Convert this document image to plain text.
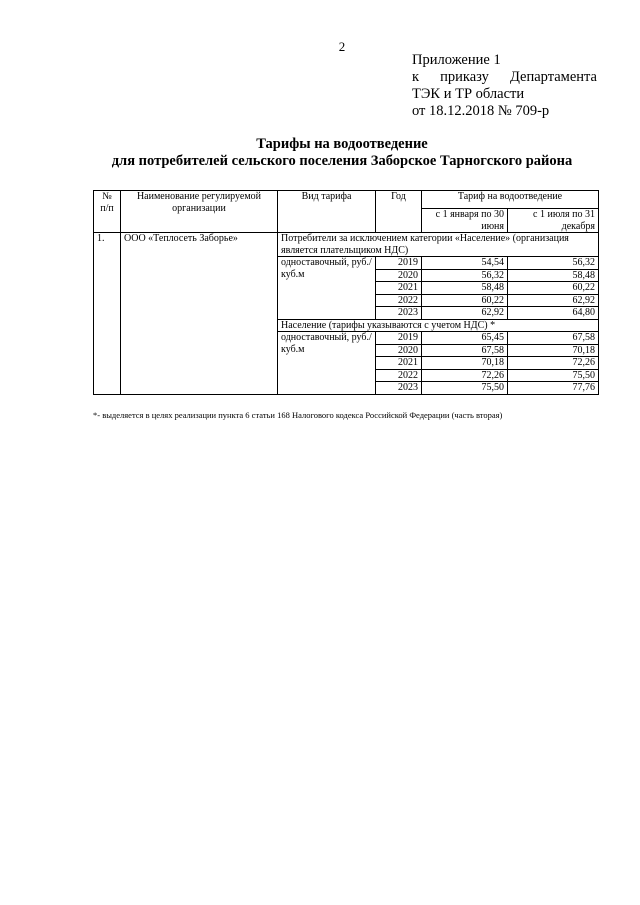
2
Приложение 1
к приказу Департамента
ТЭК и ТР области
от 18.12.2018 № 709-р
Тарифы на водоотведение
для потребителей сельского поселения Заборское Тарногского района
№ п/п	Наименование регулируемой организации	Вид тарифа	Год	Тариф на водоотведение	
				с 1 января по 30 июня	с 1 июля по 31 декабря
1.	ООО «Теплосеть Заборье»	Потребители за исключением категории «Население» (организация является плательщиком НДС)			
		одноставочный, руб./куб.м	2019	54,54	56,32
			2020	56,32	58,48
			2021	58,48	60,22
			2022	60,22	62,92
			2023	62,92	64,80
		Население (тарифы указываются с учетом НДС) *			
		одноставочный, руб./куб.м	2019	65,45	67,58
			2020	67,58	70,18
			2021	70,18	72,26
			2022	72,26	75,50
			2023	75,50	77,76
*- выделяется в целях реализации пункта 6 статьи 168 Налогового кодекса Российской Федерации (часть вторая)
